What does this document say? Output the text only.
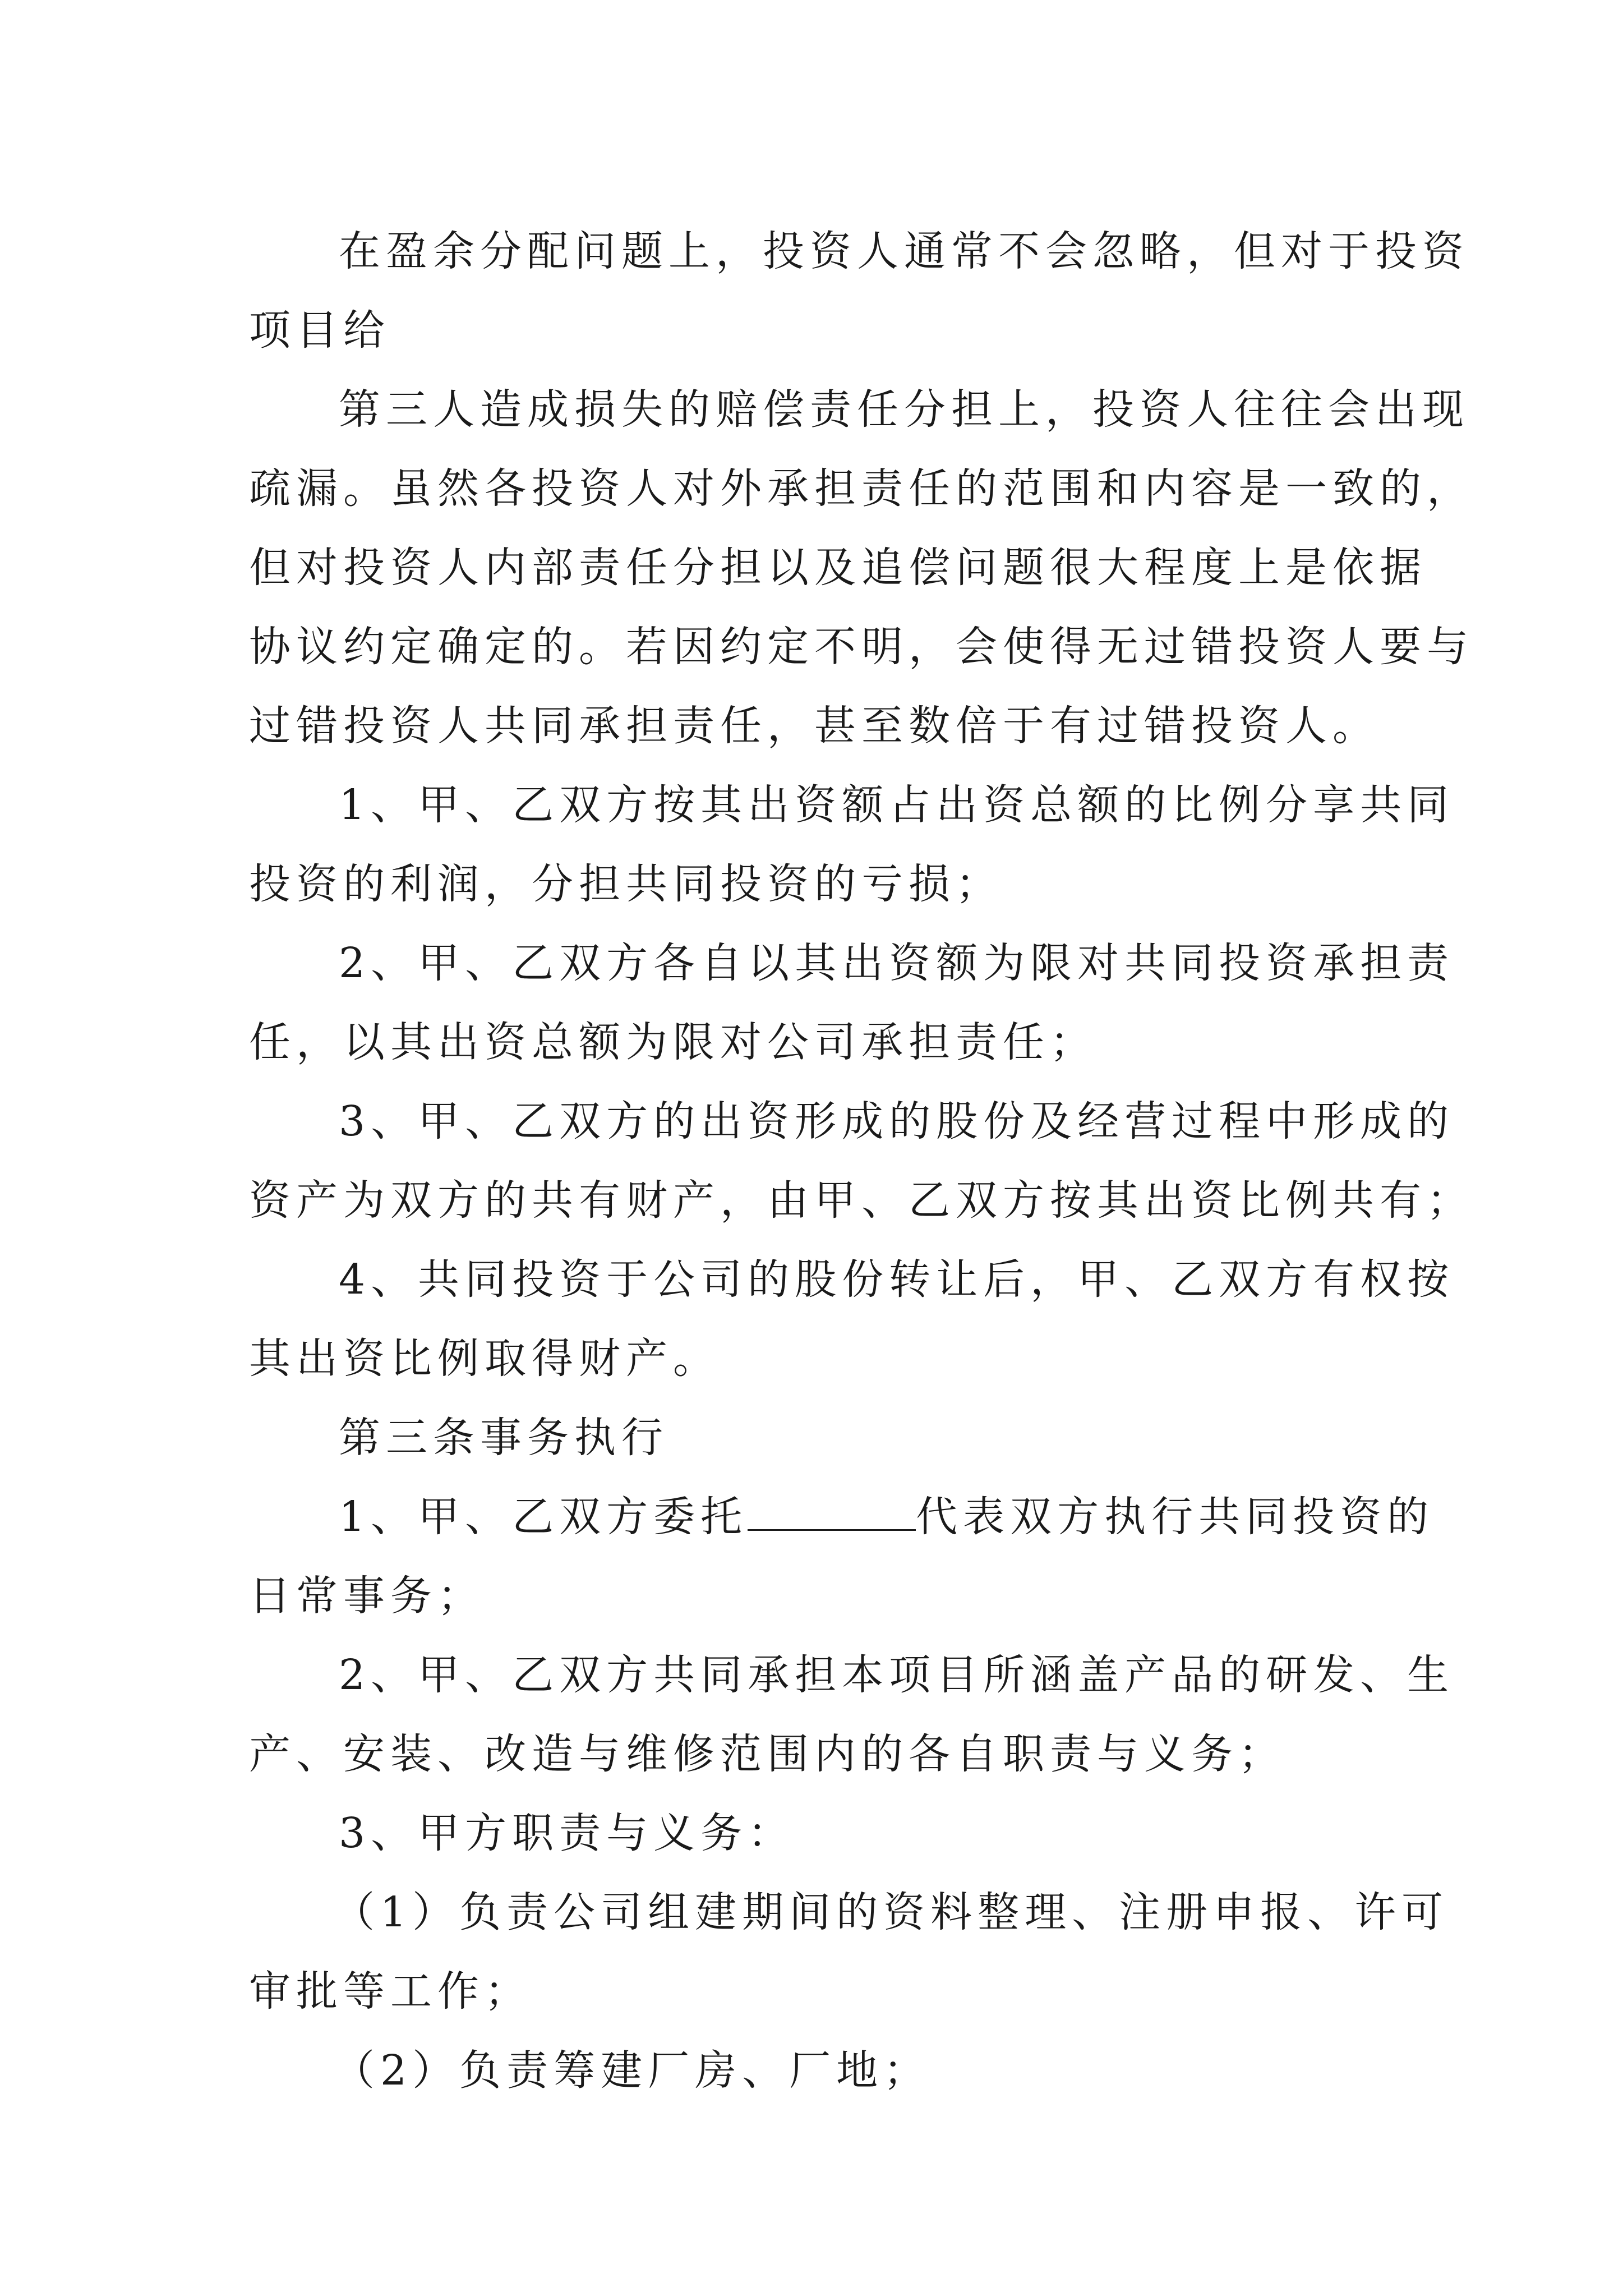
在盈余分配问题上，投资人通常不会忽略，但对于投资
项目给
第三人造成损失的赔偿责任分担上，投资人往往会出现
疏漏。虽然各投资人对外承担责任的范围和内容是一致的，
但对投资人内部责任分担以及追偿问题很大程度上是依据
协议约定确定的。若因约定不明，会使得无过错投资人要与
过错投资人共同承担责任，甚至数倍于有过错投资人。
1、甲、乙双方按其出资额占出资总额的比例分享共同
投资的利润，分担共同投资的亏损；
2、甲、乙双方各自以其出资额为限对共同投资承担责
任，以其出资总额为限对公司承担责任；
3、甲、乙双方的出资形成的股份及经营过程中形成的
资产为双方的共有财产，由甲、乙双方按其出资比例共有；
4、共同投资于公司的股份转让后，甲、乙双方有权按
其出资比例取得财产。
第三条事务执行
1、甲、乙双方委托	代表双方执行共同投资的
日常事务；
2、甲、乙双方共同承担本项目所涵盖产品的研发、生
产、安装、改造与维修范围内的各自职责与义务；
3、甲方职责与义务：
（1）负责公司组建期间的资料整理、注册申报、许可
审批等工作；
（2）负责筹建厂房、厂地；
